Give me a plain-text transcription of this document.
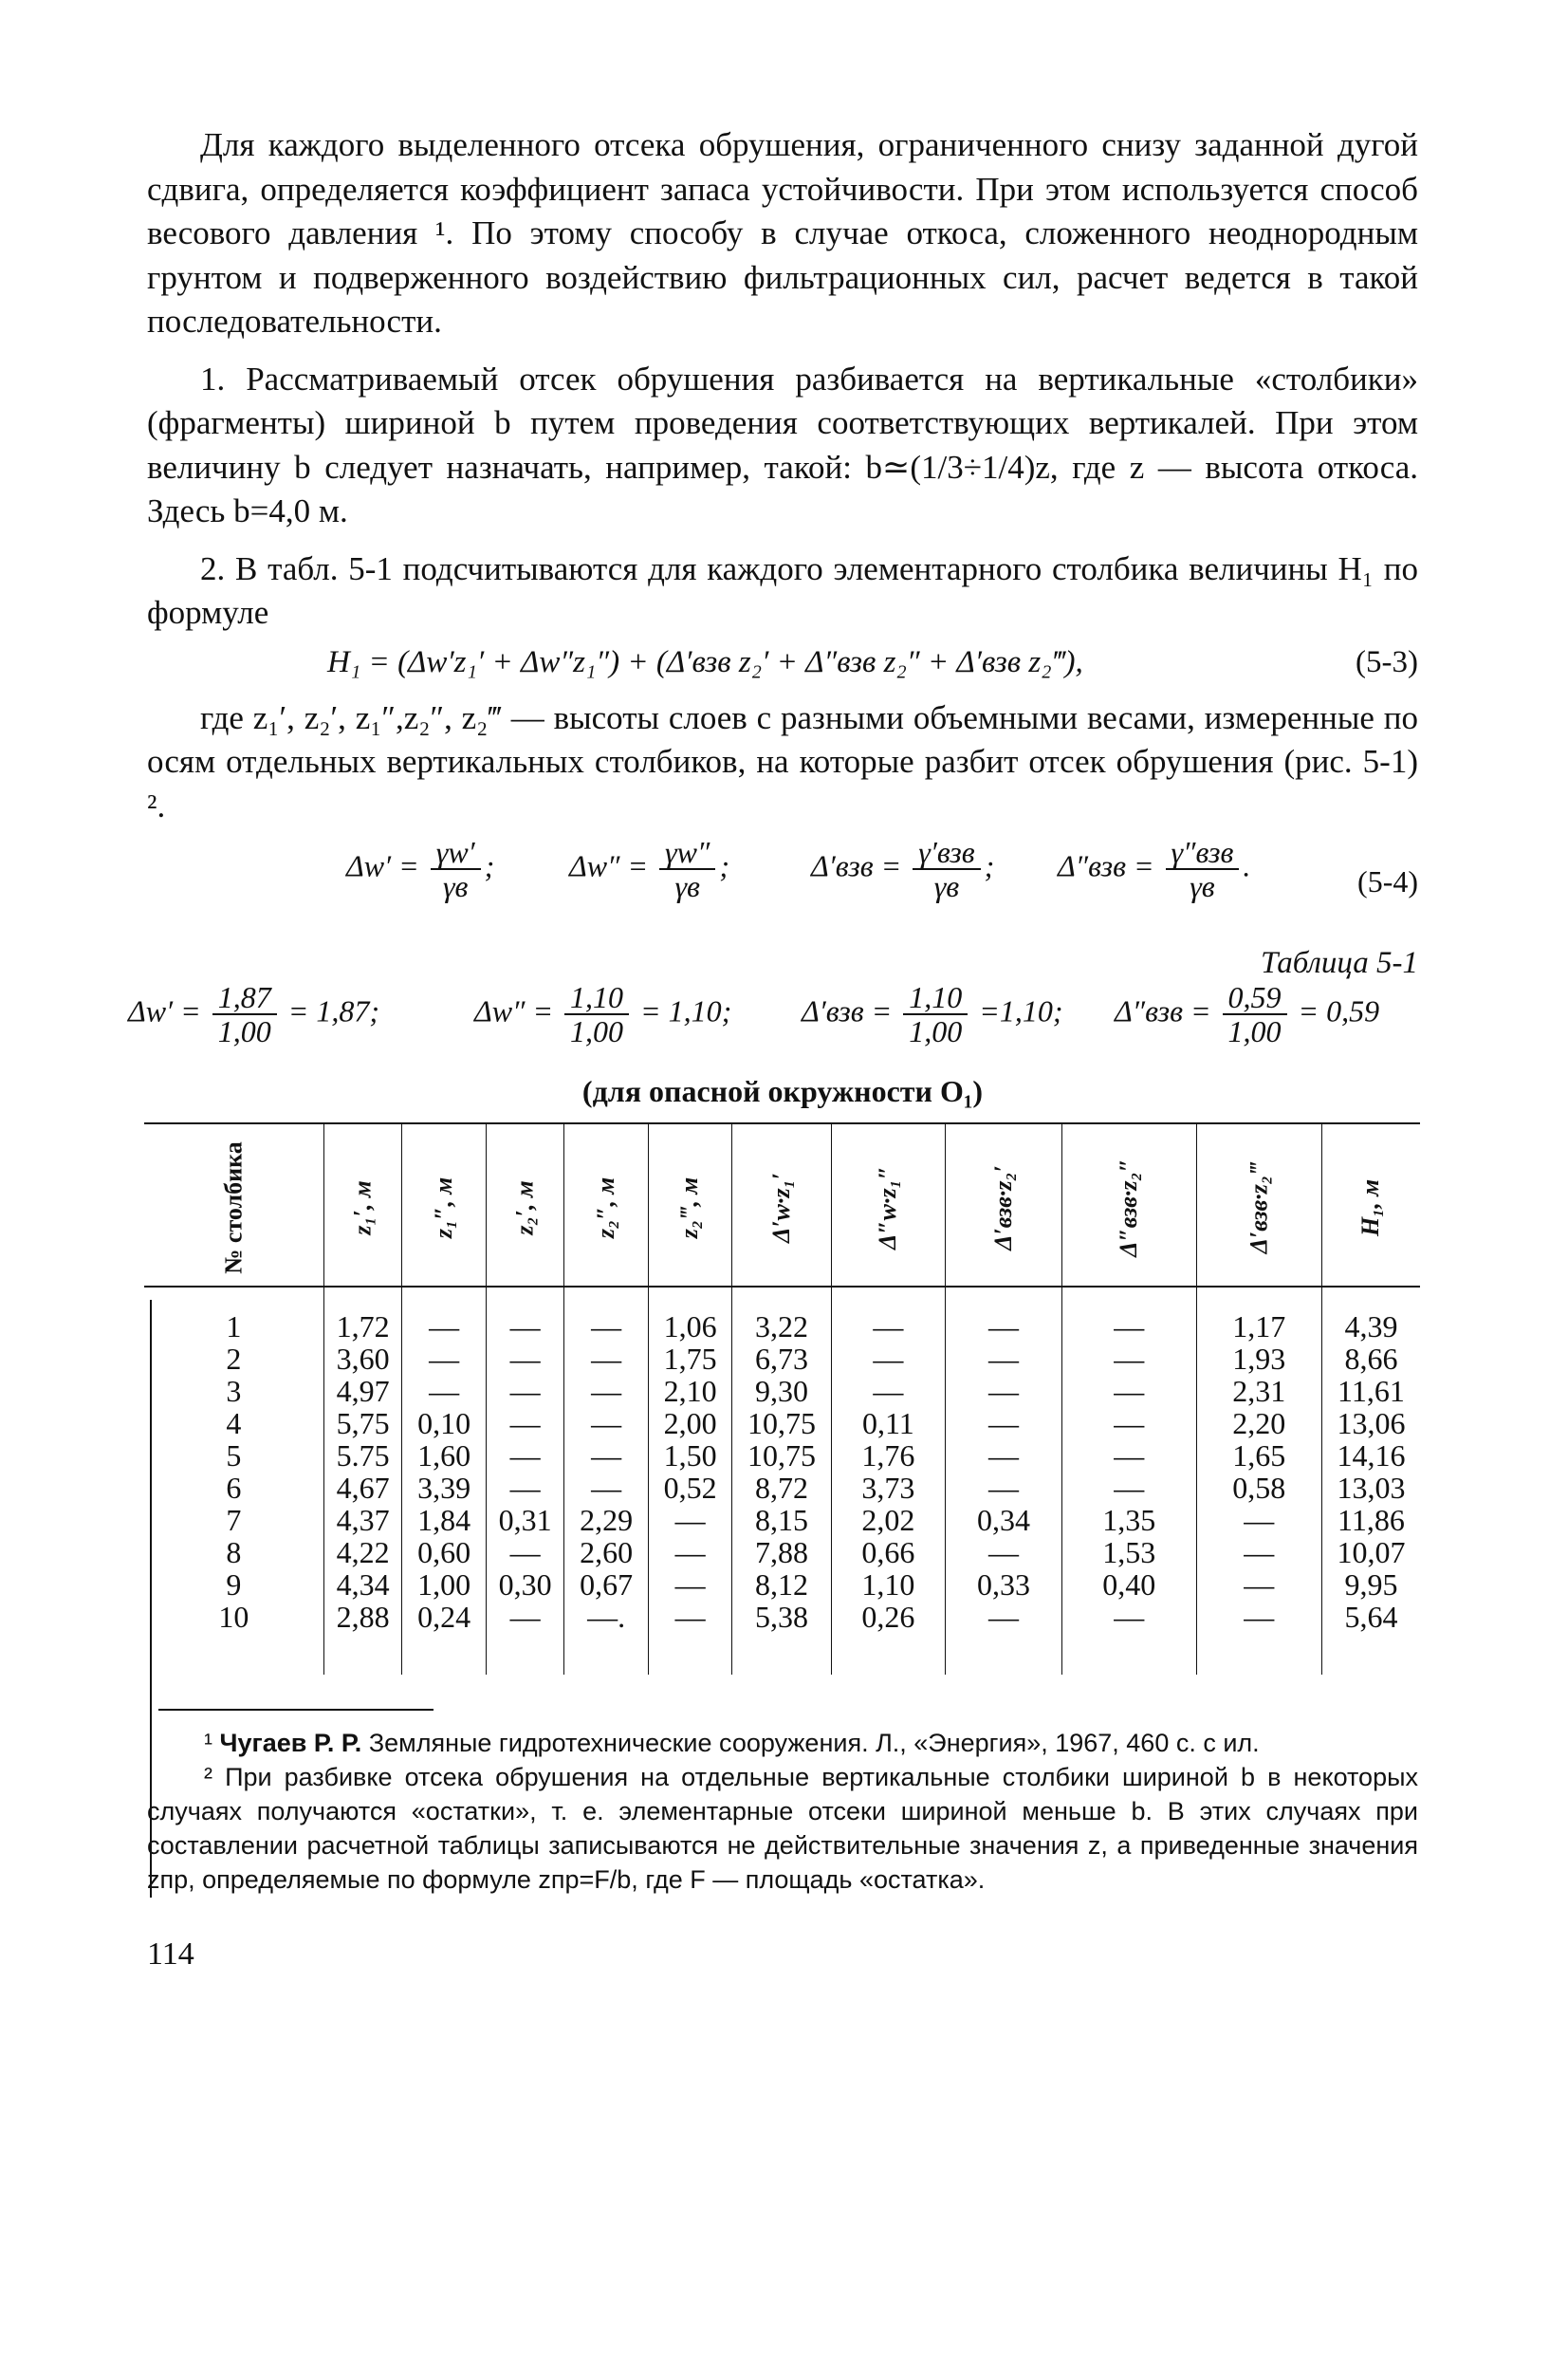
Для каждого выделенного отсека обрушения, ограниченного снизу заданной дугой сдвига, определяется коэффициент запаса устойчивости. При этом используется способ весового давления ¹. По этому способу в случае откоса, сложенного неоднородным грунтом и подверженного воздействию фильтрационных сил, расчет ведется в такой последовательности.

1. Рассматриваемый отсек обрушения разбивается на вертикальные «столбики» (фрагменты) шириной b путем проведения соответствующих вертикалей. При этом величину b следует назначать, например, такой: b≃(1/3÷1/4)z, где z — высота откоса. Здесь b=4,0 м.

2. В табл. 5-1 подсчитываются для каждого элементарного столбика величины H₁ по формуле

H₁ = (Δw′z₁′ + Δw″z₁″) + (Δ′взв z₂′ + Δ″взв z₂″ + Δ′взв z₂‴),	(5-3)

где z₁′, z₂′, z₁″,z₂″, z₂‴ — высоты слоев с разными объемными весами, измеренные по осям отдельных вертикальных столбиков, на которые разбит отсек обрушения (рис. 5-1) ².

$\Delta w' = \frac{\gamma w'}{\gamma в}$ ; $\Delta w'' = \frac{\gamma w''}{\gamma в}$ ;	$\Delta'взв = \frac{\text{γ′взв}}{\gamma в}$ ; $\Delta''взв = \frac{\text{γ″взв}}{\gamma в}$ .	(5-4)
Таблица 5-1
$\Delta w' = \frac{1,87}{1,00} = 1,87$;	$\Delta w'' = \frac{1,10}{1,00} = 1,10$; $\Delta'взв = \frac{1,10}{1,00} =1,10$; $\Delta''взв = \frac{0,59}{1,00} = 0,59$
(для опасной окружности O₁)
№ столбика	z₁′, м	z₁″, м	z₂′, м	z₂″, м	z₂‴, м	Δ′w·z₁′	Δ″w·z₁″	Δ′взв·z₂′	Δ″взв·z₂″	Δ′взв·z₂‴	H₁, м
1	1,72	—	—	—	1,06	3,22	—	—	—	1,17	4,39
2	3,60	—	—	—	1,75	6,73	—	—	—	1,93	8,66
3	4,97	—	—	—	2,10	9,30	—	—	—	2,31	11,61
4	5,75	0,10	—	—	2,00	10,75	0,11	—	—	2,20	13,06
5	5.75	1,60	—	—	1,50	10,75	1,76	—	—	1,65	14,16
6	4,67	3,39	—	—	0,52	8,72	3,73	—	—	0,58	13,03
7	4,37	1,84	0,31	2,29	—	8,15	2,02	0,34	1,35	—	11,86
8	4,22	0,60	—	2,60	—	7,88	0,66	—	1,53	—	10,07
9	4,34	1,00	0,30	0,67	—	8,12	1,10	0,33	0,40	—	9,95
10	2,88	0,24	—	—.	—	5,38	0,26	—	—	—	5,64

¹ Чугаев Р. Р. Земляные гидротехнические сооружения. Л., «Энергия», 1967, 460 с. с ил.

² При разбивке отсека обрушения на отдельные вертикальные столбики шириной b в некоторых случаях получаются «остатки», т. е. элементарные отсеки шириной меньше b. В этих случаях при составлении расчетной таблицы записываются не действительные значения z, а приведенные значения zпр, определяемые по формуле zпр=F/b, где F — площадь «остатка».

114
